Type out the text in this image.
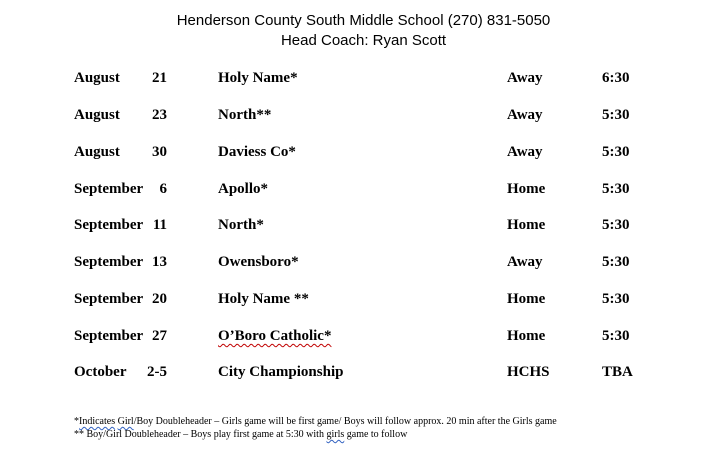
Henderson County South Middle School (270) 831-5050
Head Coach: Ryan Scott
August	21	Holy Name*	Away	6:30
August	23	North**	Away	5:30
August	30	Daviess Co*	Away	5:30
September	6	Apollo*	Home	5:30
September 11	North*	Home	5:30
September 13	Owensboro*	Away	5:30
September 20	Holy Name **	Home	5:30
September 27	O’Boro Catholic*	Home	5:30
October	2-5	City Championship	HCHS	TBA
*Indicates Girl/Boy Doubleheader – Girls game will be first game/ Boys will follow approx. 20 min after the Girls game
** Boy/Girl Doubleheader – Boys play first game at 5:30 with girls game to follow
